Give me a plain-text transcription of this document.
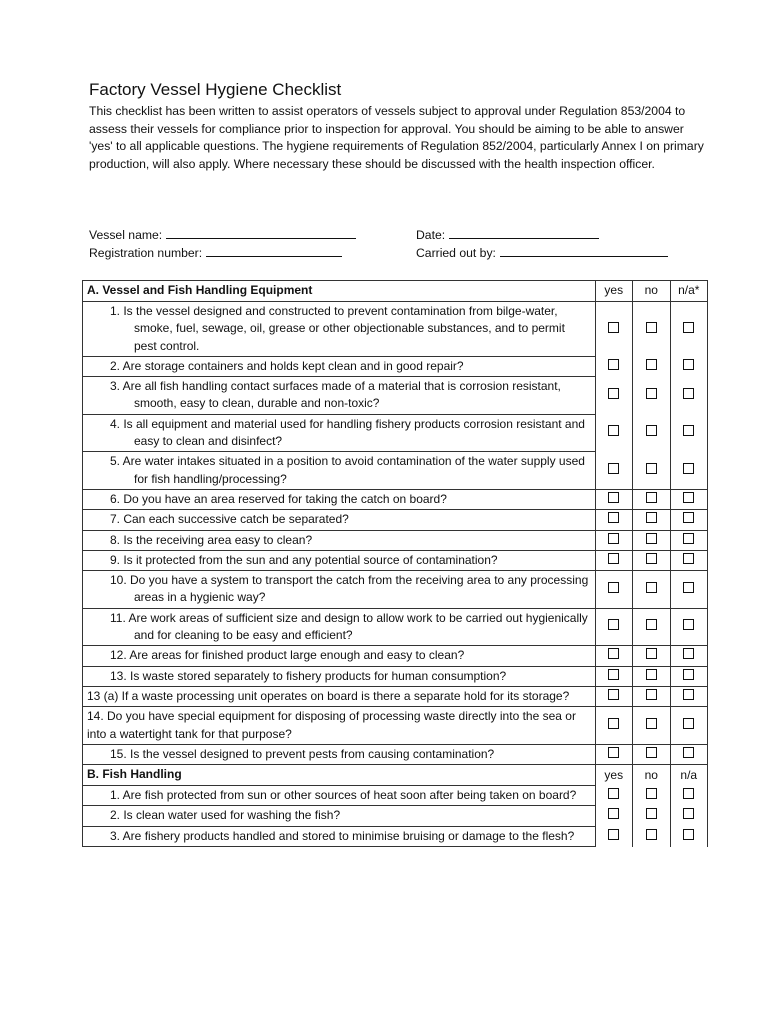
Factory Vessel Hygiene Checklist
This checklist has been written to assist operators of vessels subject to approval under Regulation 853/2004 to assess their vessels for compliance prior to inspection for approval. You should be aiming to be able to answer 'yes' to all applicable questions. The hygiene requirements of Regulation 852/2004, particularly Annex I on primary production, will also apply. Where necessary these should be discussed with the health inspection officer.
Vessel name:	Date:
Registration number:	Carried out by:
A. Vessel and Fish Handling Equipment	yes	no	n/a*

1. Is the vessel designed and constructed to prevent contamination from bilge-water, smoke, fuel, sewage, oil, grease or other objectionable substances, and to permit pest control.			

2. Are storage containers and holds kept clean and in good repair?			

3. Are all fish handling contact surfaces made of a material that is corrosion resistant, smooth, easy to clean, durable and non-toxic?			

4. Is all equipment and material used for handling fishery products corrosion resistant and easy to clean and disinfect?			

5. Are water intakes situated in a position to avoid contamination of the water supply used for fish handling/processing?			

6. Do you have an area reserved for taking the catch on board?			

7. Can each successive catch be separated?			

8. Is the receiving area easy to clean?			

9. Is it protected from the sun and any potential source of contamination?			

10. Do you have a system to transport the catch from the receiving area to any processing areas in a hygienic way?			

11. Are work areas of sufficient size and design to allow work to be carried out hygienically and for cleaning to be easy and efficient?			

12. Are areas for finished product large enough and easy to clean?			

13. Is waste stored separately to fishery products for human consumption?			

13 (a) If a waste processing unit operates on board is there a separate hold for its storage?			
14. Do you have special equipment for disposing of processing waste directly into the sea or into a watertight tank for that purpose?			

15. Is the vessel designed to prevent pests from causing contamination?			

B. Fish Handling	yes	no	n/a

1. Are fish protected from sun or other sources of heat soon after being taken on board?			

2. Is clean water used for washing the fish?			

3. Are fishery products handled and stored to minimise bruising or damage to the flesh?			
